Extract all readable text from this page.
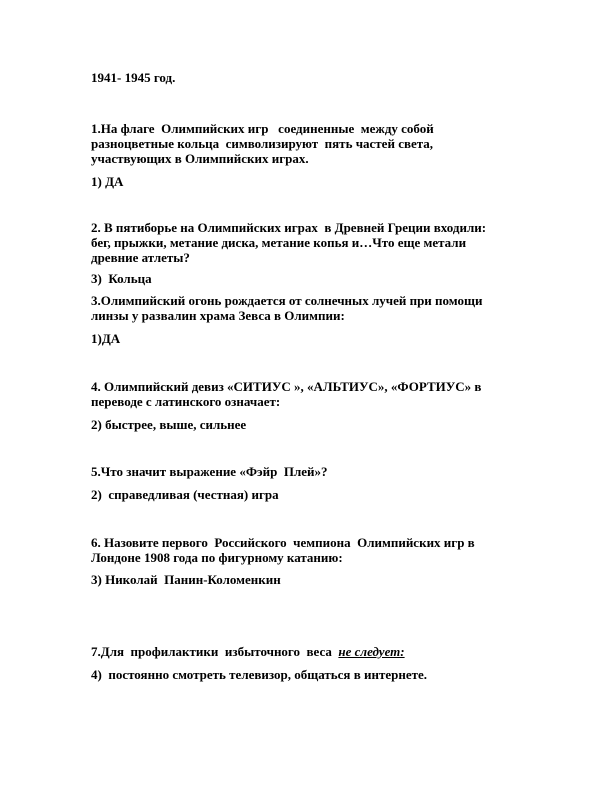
1941- 1945 год.
1.На флаге  Олимпийских игр   соединенные  между собой
разноцветные кольца  символизируют  пять частей света,
участвующих в Олимпийских играх.
1) ДА
2. В пятиборье на Олимпийских играх  в Древней Греции входили:
бег, прыжки, метание диска, метание копья и…Что еще метали
древние атлеты?
3)  Кольца
3.Олимпийский огонь рождается от солнечных лучей при помощи
линзы у развалин храма Зевса в Олимпии:
1)ДА
4. Олимпийский девиз «СИТИУС », «АЛЬТИУС», «ФОРТИУС» в
переводе с латинского означает:
2) быстрее, выше, сильнее
5.Что значит выражение «Фэйр  Плей»?
2)  справедливая (честная) игра
6. Назовите первого  Российского  чемпиона  Олимпийских игр в
Лондоне 1908 года по фигурному катанию:
3) Николай  Панин-Коломенкин
7.Для  профилактики  избыточного  веса  не следует:
4)  постоянно смотреть телевизор, общаться в интернете.
